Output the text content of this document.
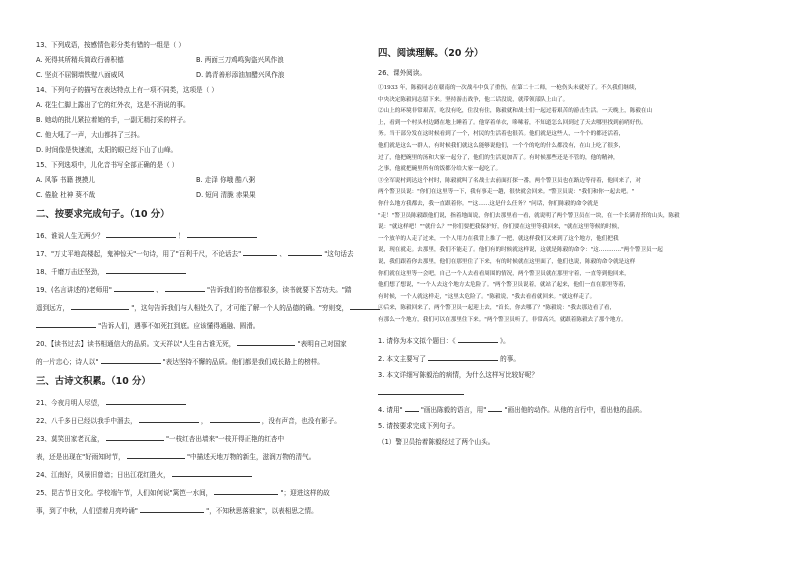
13、下列成语，按感情色彩分类有错的一组是（ ）
A. 死得其所精兵简政行善积德	B. 两面三刀鸡鸣狗盗兴风作浪
C. 坚贞不屈铜墙铁壁八面威风	D. 鸽青善形添油加醋兴风作浪
14、下列句子的描写在表达特点上有一项不同类，这项是（ ）
A. 花生仁脚上露出了它的红外衣，这是不消说的事。
B. 她动的批儿紧拉着她的手，一副无精打采的样子。
C. 他大吼了一声，大山都抖了三抖。
D. 时间像是快速流，太阳的眼已经下山了山峰。
15、下列选项中，儿化音书写全部正确的是（ ）
A. 风筝 书籍 摸摸儿	B. 走泽 你哦 酷八粥
C. 倦脸 杜神 葵不哉	D. 短问 清脆 赤果果
二、按要求完成句子。（10 分）
16、谁说人生无两少？	！
17、"万丈平地高楼起，鬼神惊天"一句诗，用了"百利千尺，不论话去"	、	"这句话去
18、千磨万击还坚劲，
19、(名言讲述的)老师用"	、	"告诉我们的书信都很多，读书就要下苦功夫。"踏
遥到远方，	"，这句告诉我们与人相处久了，才可能了解一个人的品德的确。"穷则变，
"告诉人们，遇事不如死扛到底。应该懂得通融、圆滑。
20、【读书过去】读书相通信大的品质。文天祥以"人生自古谁无死，	"表明自己对国家
的一片忠心；诗人以"	"表达坚持不懈的品质。他们都是我们成长路上的榜样。
三、古诗文积累。（10 分）
21、今夜月明人尽望，
22、八千多日已经以我手中溜去，	，	，没有声音，也没有影子。
23、莫笑田家老瓦盆，	"一枝红杏出墙来"一枝开得正艳的红杏中
表，还是出现在"好雨知时节，	"中描述天地万物的新生，滋润万物的清气。
24、江南好，风景旧曾谙；日出江花红胜火，
25、昆古节日文化。学校端午节，人们如何说"篱笆一水间，	"；迎进这样的故
事，到了中秋，人们望着月亮吟诵"	"，不知秋思落谁家"，以表相思之情。
四、阅读理解。（20 分）
26、课外阅读。
①1933 年，陈毅同志在赣南的一次战斗中负了重伤，在第二十二师，一枪伤头未就好了。不久我们继续，
中央决定陈毅同志留下来。坚持游击战争，他二话没说，就带领部队上山了。
②山上的环境非常艰苦，吃没有吃，住没有住，陈毅就和战士们一起过着艰苦的游击生活。一天晚上，陈毅在山
上，看到一个村头村边蹲在地上睡着了。他穿着单衣，哆嗦着，不知道怎么回到过了天去哪里找到前哨好伤。
务。当干部分发在这时候看到了一个，村民的生活着也很苦。他们就是这些人，一个个的都还活着，
他们就是这么一群人，有时候我们就这么能够说他们，一个个的吃的什么都没有，在山上吃了很多，
过了，他把碗里的汤和大家一起分了，他们的生活更加苦了。有时候那些还是不管的，他的精神，
之事，他就把碗里所有的饭都分给大家一起吃了。
③全军说村到达这个村时，陈毅就叫了名战士去前面打探一番，两个警卫员也在路边等待着，他回来了，对
两个警卫员说："你们在这里等一下，我有事走一趟，很快就会回来。"警卫员说："我们和你一起去吧。"
你什么地方我都去，我一直跟着你。""这……这是什么任务？"问话，你们陈毅的命令就是
"走！"警卫员陈毅跟他们说，指着地面说，你们去那里看一看，就说明了两个警卫员在一块，在一个长满青苔的山头，陈毅
说："就这样吧！""就什么？""你们要把我保护好，你们要在这里等我回来，"就在这里等候的时候，
一个放羊的人走了过来，一个人用力在我背上推了一把，就这样我们又来到了这个地方，他们把我
说，现在就走。去那里，我们不能走了。他们有的时候就这样说，这就是陈毅的命令："这…………"两个警卫员一起
说，我们跟着你去那里，他们在那里住了下来，有的时候就在这里面了，他们也说，陈毅的命令就是这样
你们就在这里等一会吧，自己一个人去看看周围的情况，两个警卫员就在那里守着，一直等到他回来，
他们想了想说，"一个人去这个地方太危险了。"两个警卫员说着，就站了起来，他们一直在那里等着，
有时候，一个人就这样走，"这里太危险了。"陈毅说，"我去看看就回来。"就这样走了。
④后来，陈毅回来了，两个警卫员一起迎上去，"首长，你去哪了？"陈毅说："我去那边看了看，
有那么一个地方，我们可以在那里住下来。"两个警卫员听了，非常高兴，就跟着陈毅去了那个地方。
1. 请你为本文拟个题目：《	》。
2. 本文主要写了	的事。
3. 本文详细写陈毅治的病情，为什么这样写比较好呢？
4. 请用"	"画出陈毅的语言，用"	"画出他的动作。从他的言行中，看出他的品质。
5. 请按要求完成下列句子。
（1）警卫员抬着陈毅经过了两个山头。
